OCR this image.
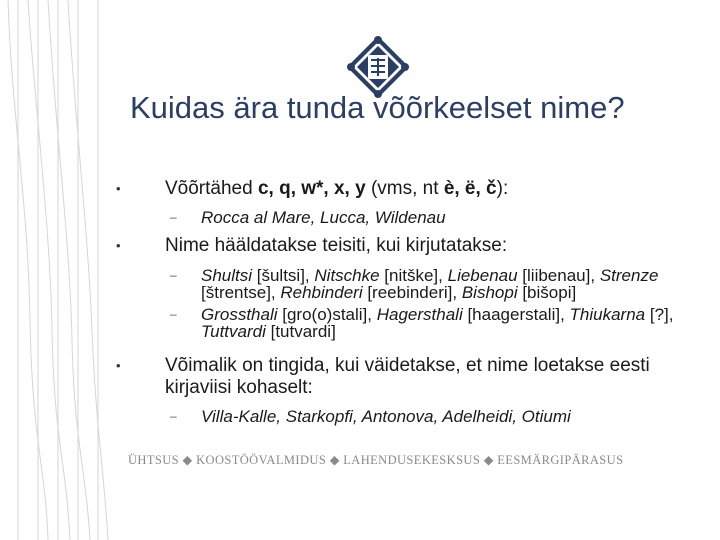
Kuidas ära tunda võõrkeelset nime?
• Võõrtähed c, q, w*, x, y (vms, nt è, ë, č):
– Rocca al Mare, Lucca, Wildenau
• Nime hääldatakse teisiti, kui kirjutatakse:
– Shultsi [šultsi], Nitschke [nitške], Liebenau [liibenau], Strenze [štrentse], Rehbinderi [reebinderi], Bishopi [bišopi]
– Grossthali [gro(o)stali], Hagersthali [haagerstali], Thiukarna [?], Tuttvardi [tutvardi]
• Võimalik on tingida, kui väidetakse, et nime loetakse eesti kirjaviisi kohaselt:
– Villa-Kalle, Starkopfi, Antonova, Adelheidi, Otiumi
ÜHTSUS ◆ KOOSTÖÖVALMIDUS ◆ LAHENDUSEKESKSUS ◆ EESMÄRGIPÄRASUS
